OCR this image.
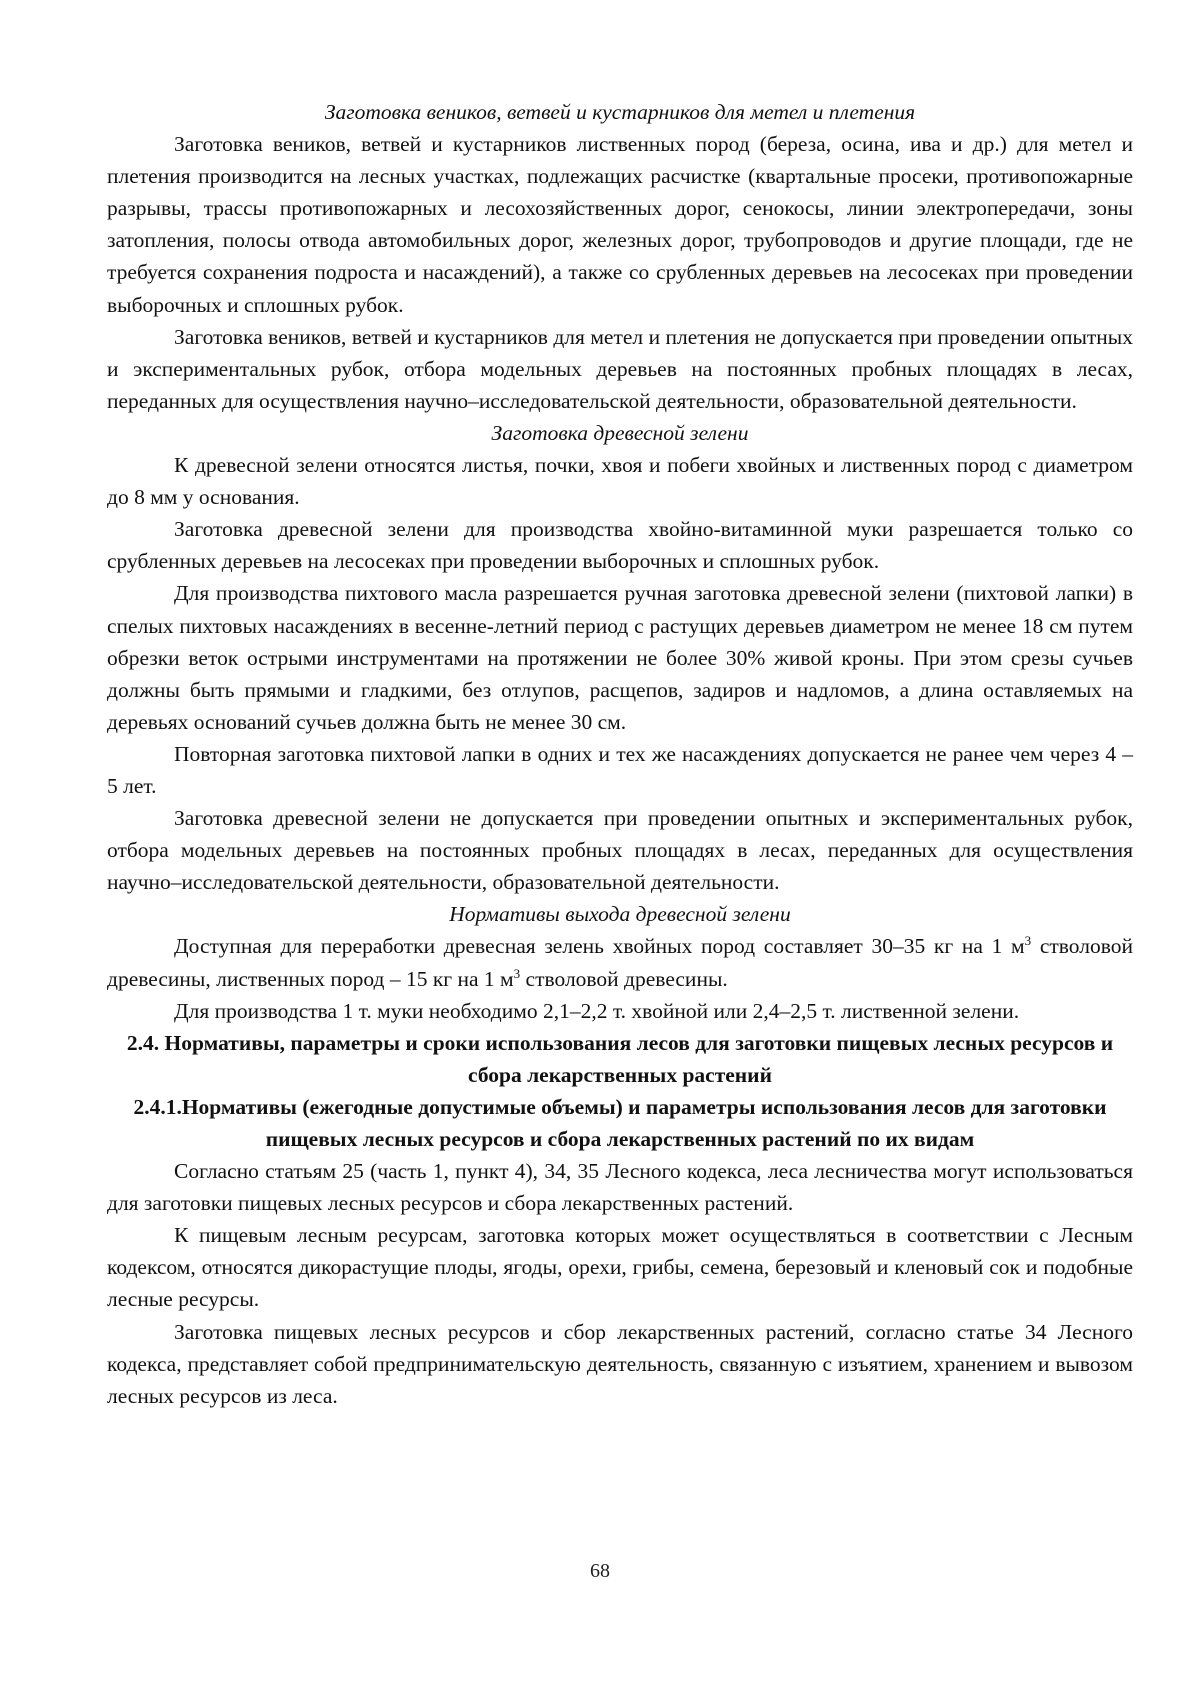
Заготовка веников, ветвей и кустарников для метел и плетения

Заготовка веников, ветвей и кустарников лиственных пород (береза, осина, ива и др.) для метел и плетения производится на лесных участках, подлежащих расчистке (квартальные просеки, противопожарные разрывы, трассы противопожарных и лесохозяйственных дорог, сенокосы, линии электропередачи, зоны затопления, полосы отвода автомобильных дорог, железных дорог, трубопроводов и другие площади, где не требуется сохранения подроста и насаждений), а также со срубленных деревьев на лесосеках при проведении выборочных и сплошных рубок.

Заготовка веников, ветвей и кустарников для метел и плетения не допускается при проведении опытных и экспериментальных рубок, отбора модельных деревьев на постоянных пробных площадях в лесах, переданных для осуществления научно–исследовательской деятельности, образовательной деятельности.

Заготовка древесной зелени

К древесной зелени относятся листья, почки, хвоя и побеги хвойных и лиственных пород с диаметром до 8 мм у основания.

Заготовка древесной зелени для производства хвойно-витаминной муки разрешается только со срубленных деревьев на лесосеках при проведении выборочных и сплошных рубок.

Для производства пихтового масла разрешается ручная заготовка древесной зелени (пихтовой лапки) в спелых пихтовых насаждениях в весенне-летний период с растущих деревьев диаметром не менее 18 см путем обрезки веток острыми инструментами на протяжении не более 30% живой кроны. При этом срезы сучьев должны быть прямыми и гладкими, без отлупов, расщепов, задиров и надломов, а длина оставляемых на деревьях оснований сучьев должна быть не менее 30 см.

Повторная заготовка пихтовой лапки в одних и тех же насаждениях допускается не ранее чем через 4 – 5 лет.

Заготовка древесной зелени не допускается при проведении опытных и экспериментальных рубок, отбора модельных деревьев на постоянных пробных площадях в лесах, переданных для осуществления научно–исследовательской деятельности, образовательной деятельности.

Нормативы выхода древесной зелени

Доступная для переработки древесная зелень хвойных пород составляет 30–35 кг на 1 $м^3$ стволовой древесины, лиственных пород – 15 кг на 1 $м^3$ стволовой древесины.

Для производства 1 т. муки необходимо 2,1–2,2 т. хвойной или 2,4–2,5 т. лиственной зелени.

2.4. Нормативы, параметры и сроки использования лесов для заготовки пищевых лесных ресурсов и сбора лекарственных растений

2.4.1.Нормативы (ежегодные допустимые объемы) и параметры использования лесов для заготовки пищевых лесных ресурсов и сбора лекарственных растений по их видам

Согласно статьям 25 (часть 1, пункт 4), 34, 35 Лесного кодекса, леса лесничества могут использоваться для заготовки пищевых лесных ресурсов и сбора лекарственных растений.

К пищевым лесным ресурсам, заготовка которых может осуществляться в соответствии с Лесным кодексом, относятся дикорастущие плоды, ягоды, орехи, грибы, семена, березовый и кленовый сок и подобные лесные ресурсы.

Заготовка пищевых лесных ресурсов и сбор лекарственных растений, согласно статье 34 Лесного кодекса, представляет собой предпринимательскую деятельность, связанную с изъятием, хранением и вывозом лесных ресурсов из леса.

68
